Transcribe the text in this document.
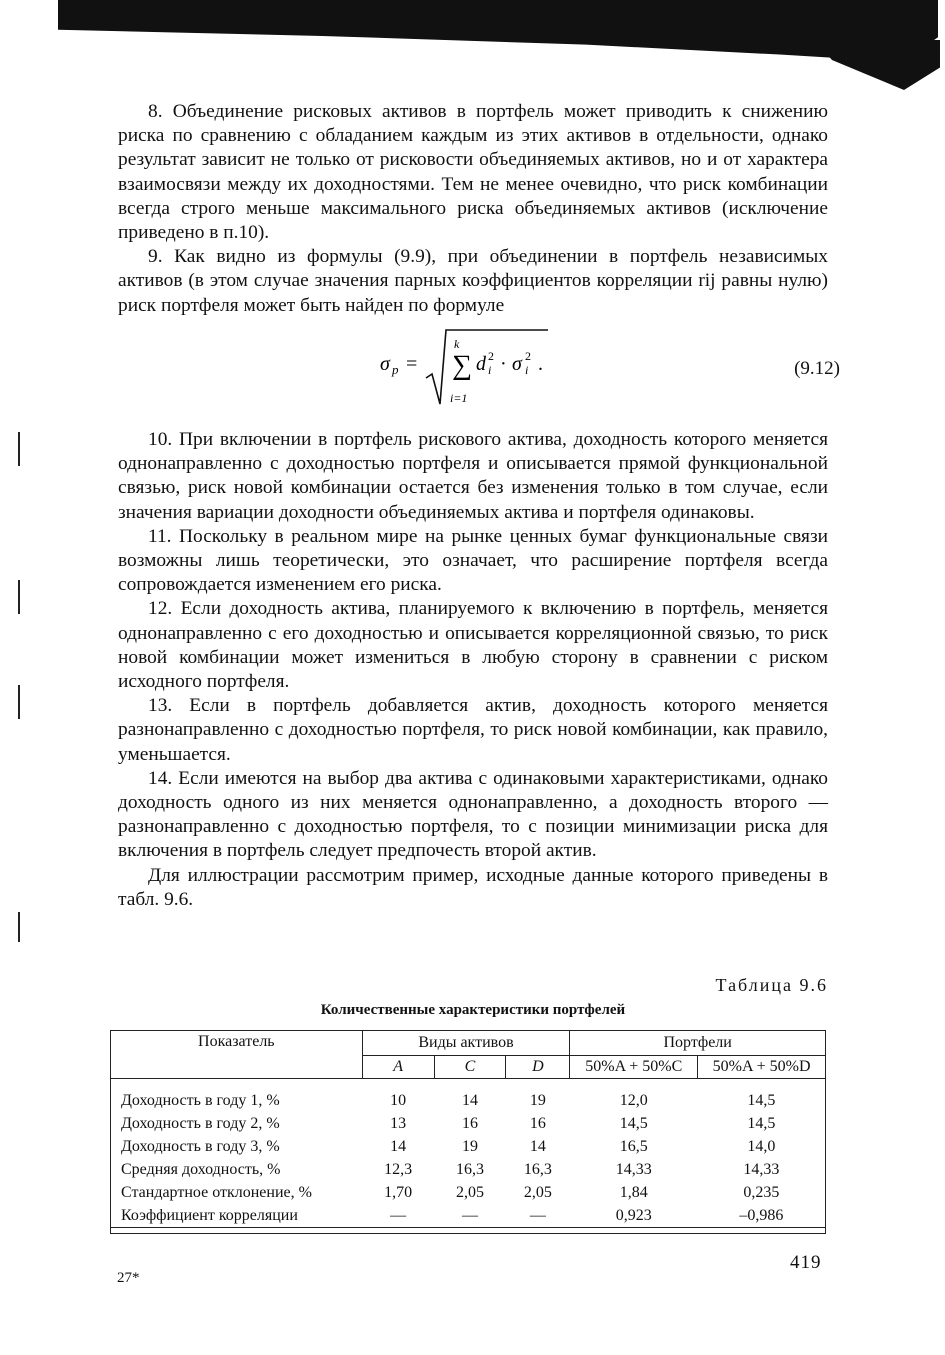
8. Объединение рисковых активов в портфель может приводить к снижению риска по сравнению с обладанием каждым из этих активов в отдельности, однако результат зависит не только от рисковости объединяемых активов, но и от характера взаимосвязи между их доходностями. Тем не менее очевидно, что риск комбинации всегда строго меньше максимального риска объединяемых активов (исключение приведено в п.10).

9. Как видно из формулы (9.9), при объединении в портфель независимых активов (в этом случае значения парных коэффициентов корреляции rij равны нулю) риск портфеля может быть найден по формуле

σ p = ∑
k
i=1
d i
2 · σ i
2 .	(9.12)

10. При включении в портфель рискового актива, доходность которого меняется однонаправленно с доходностью портфеля и описывается прямой функциональной связью, риск новой комбинации остается без изменения только в том случае, если значения вариации доходности объединяемых актива и портфеля одинаковы.

11. Поскольку в реальном мире на рынке ценных бумаг функциональные связи возможны лишь теоретически, это означает, что расширение портфеля всегда сопровождается изменением его риска.

12. Если доходность актива, планируемого к включению в портфель, меняется однонаправленно с его доходностью и описывается корреляционной связью, то риск новой комбинации может измениться в любую сторону в сравнении с риском исходного портфеля.

13. Если в портфель добавляется актив, доходность которого меняется разнонаправленно с доходностью портфеля, то риск новой комбинации, как правило, уменьшается.

14. Если имеются на выбор два актива с одинаковыми характеристиками, однако доходность одного из них меняется однонаправленно, а доходность второго — разнонаправленно с доходностью портфеля, то с позиции минимизации риска для включения в портфель следует предпочесть второй актив.

Для иллюстрации рассмотрим пример, исходные данные которого приведены в табл. 9.6.

Таблица 9.6
Количественные характеристики портфелей
Показатель	Виды активов			Портфели	
	A	C	D	50%A + 50%C	50%A + 50%D
Доходность в году 1, %	10	14	19	12,0	14,5
Доходность в году 2, %	13	16	16	14,5	14,5
Доходность в году 3, %	14	19	14	16,5	14,0
Средняя доходность, %	12,3	16,3	16,3	14,33	14,33
Стандартное отклонение, %	1,70	2,05	2,05	1,84	0,235
Коэффициент корреляции	—	—	—	0,923	–0,986
419
27*
